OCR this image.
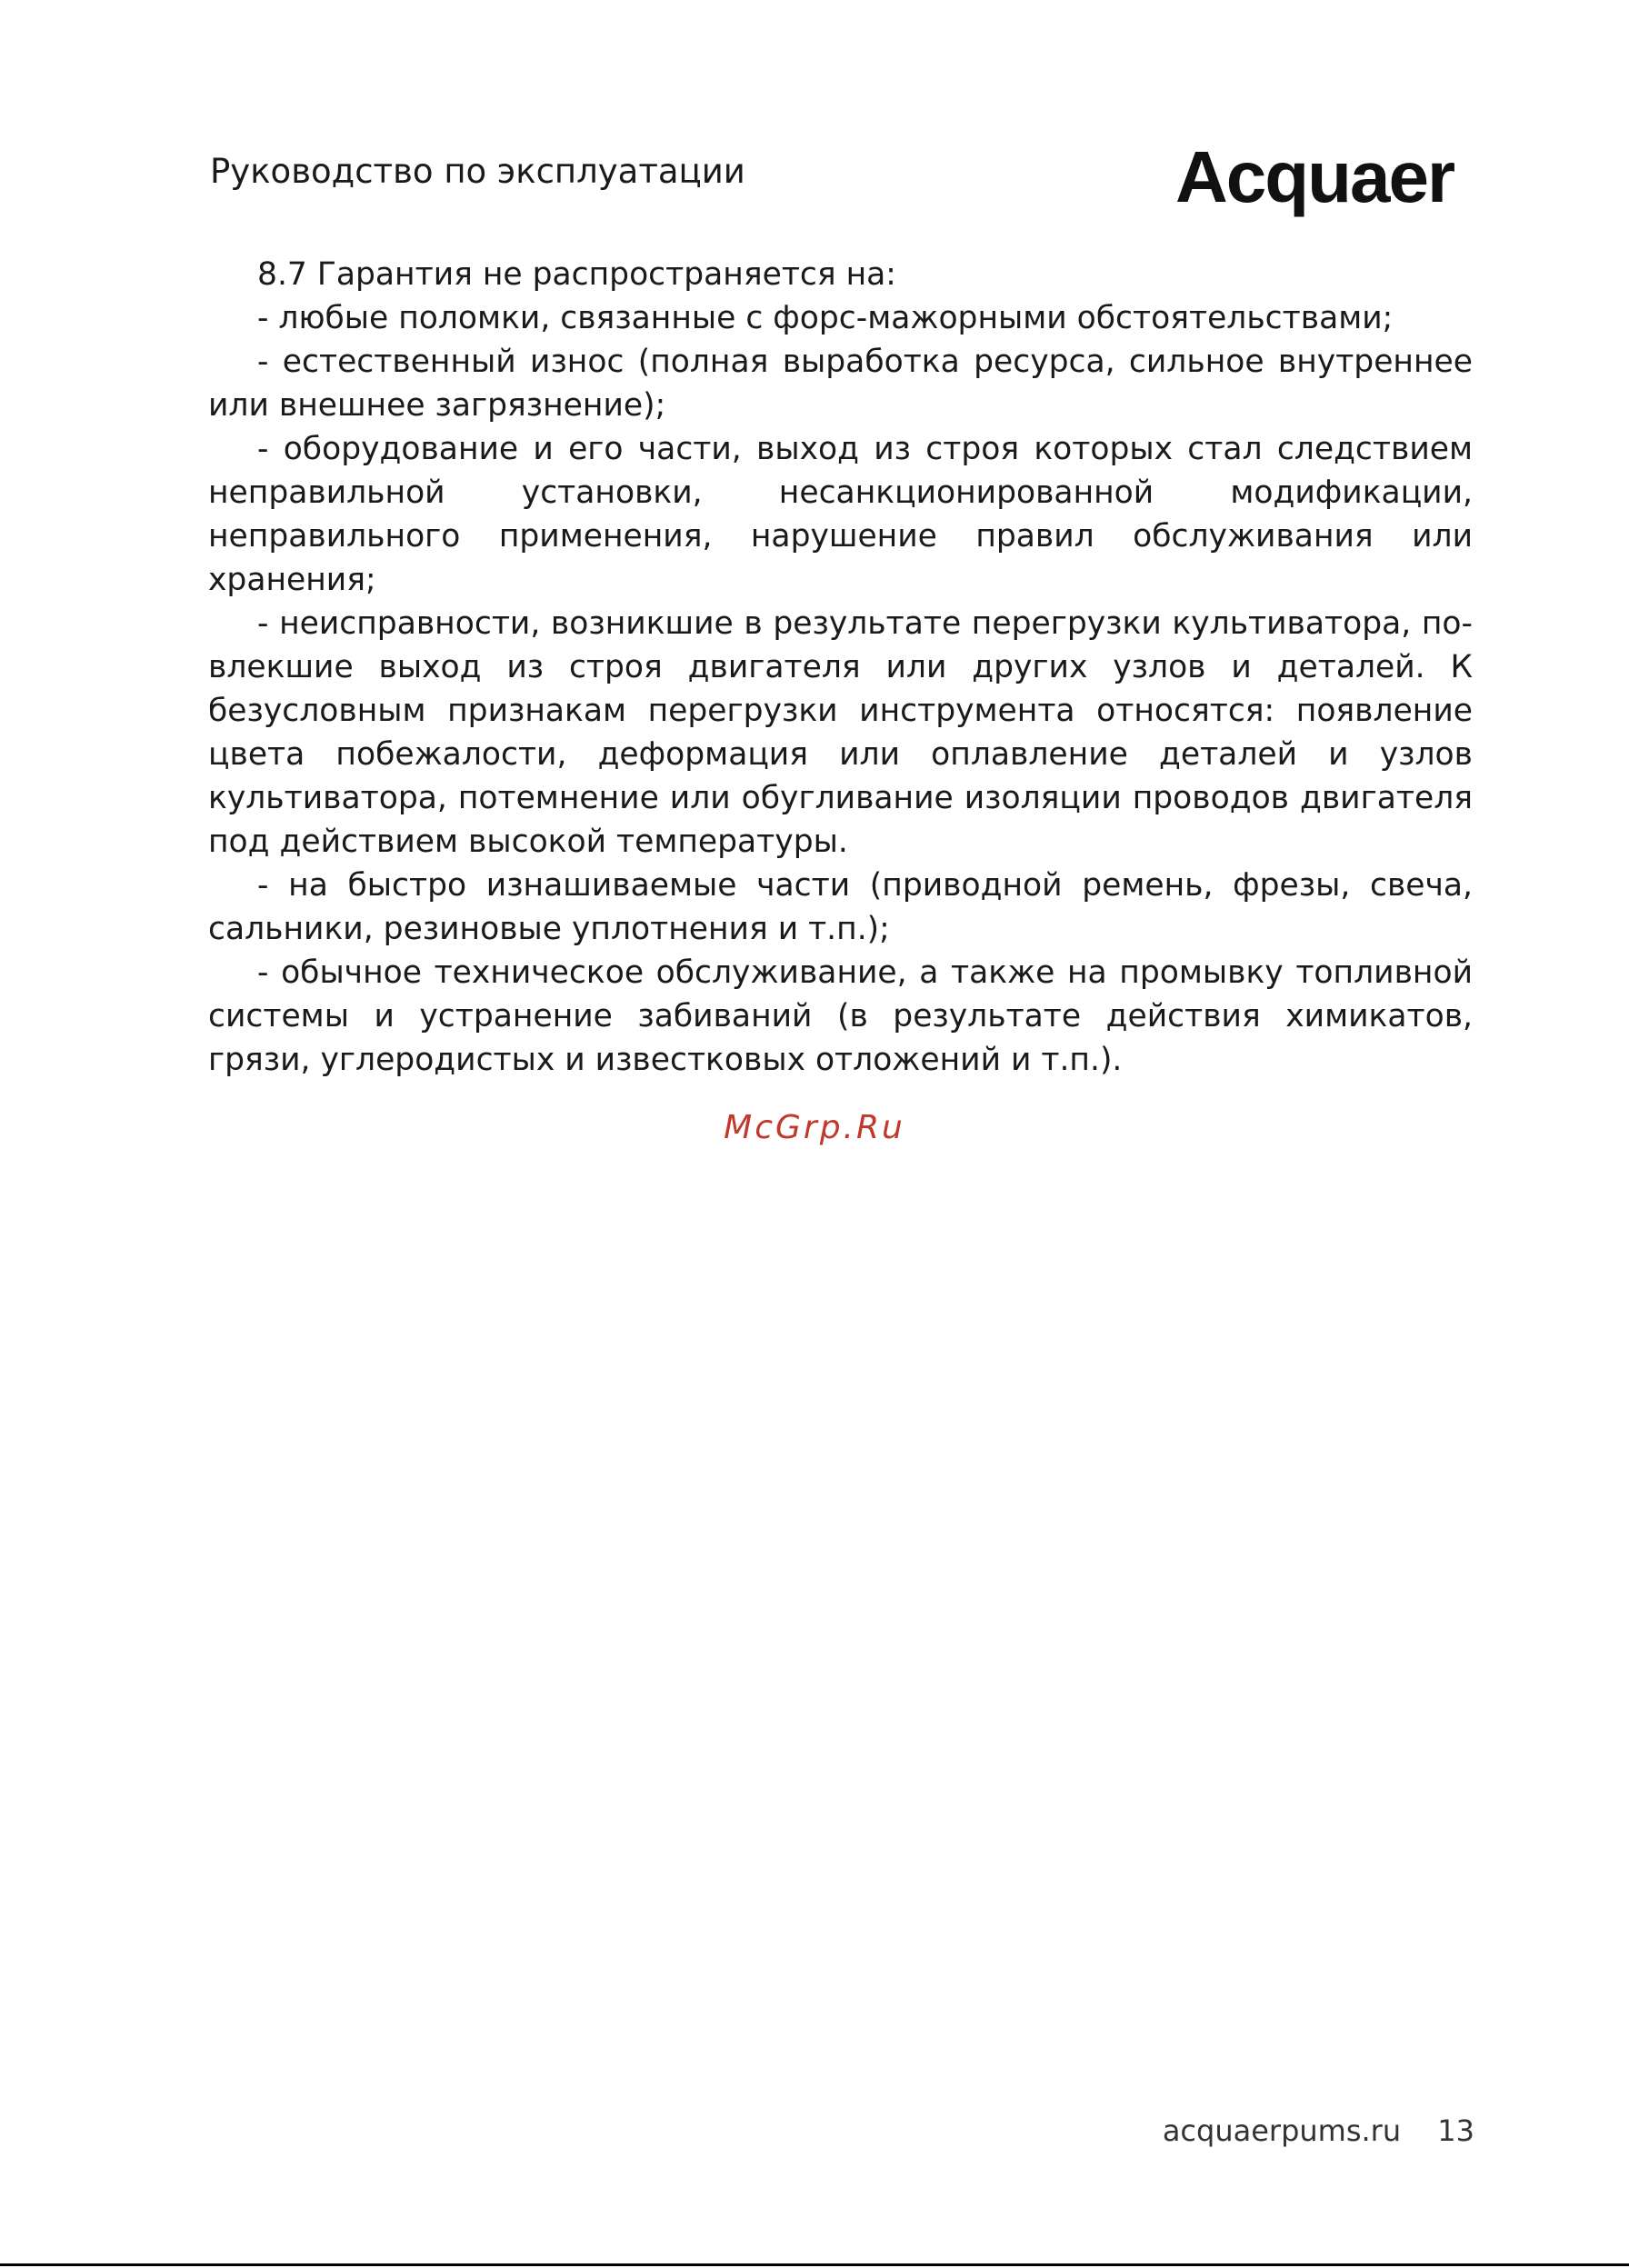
Руководство по эксплуатации	Acquaer

8.7 Гарантия не распространяется на:

- любые поломки, связанные с форс-мажорными обстоятельствами;

- естественный износ (полная выработка ресурса, сильное внутреннее или внешнее загрязнение);

- оборудование и его части, выход из строя которых стал следствием неправильной установки, несанкционированной модификации, неправильного применения, нарушение правил обслуживания или хранения;

- неисправности, возникшие в результате перегрузки культиватора, повлекшие выход из строя двигателя или других узлов и деталей. К безусловным признакам перегрузки инструмента относятся: появление цвета побежалости, деформация или оплавление деталей и узлов культиватора, потемнение или обугливание изоляции проводов двигателя под действием высокой температуры.

- на быстро изнашиваемые части (приводной ремень, фрезы, свеча, сальники, резиновые уплотнения и т.п.);

- обычное техническое обслуживание, а также на промывку топливной системы и устранение забиваний (в результате действия химикатов, грязи, углеродистых и известковых отложений и т.п.).

McGrp.Ru
acquaerpums.ru 13
